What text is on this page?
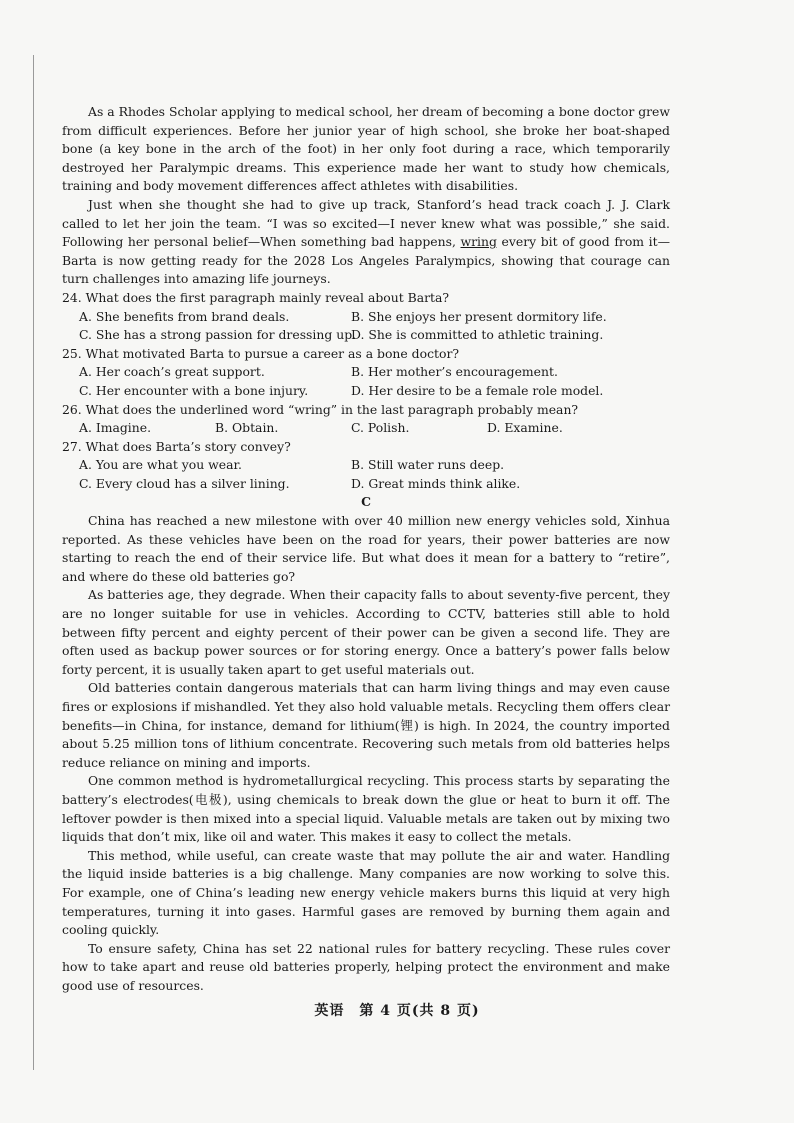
As a Rhodes Scholar applying to medical school, her dream of becoming a bone doctor grew from difficult experiences. Before her junior year of high school, she broke her boat-shaped bone (a key bone in the arch of the foot) in her only foot during a race, which temporarily destroyed her Paralympic dreams. This experience made her want to study how chemicals, training and body movement differences affect athletes with disabilities.

Just when she thought she had to give up track, Stanford’s head track coach J. J. Clark called to let her join the team. “I was so excited—I never knew what was possible,” she said. Following her personal belief—When something bad happens, wring every bit of good from it—Barta is now getting ready for the 2028 Los Angeles Paralympics, showing that courage can turn challenges into amazing life journeys.

24. What does the first paragraph mainly reveal about Barta?

A. She benefits from brand deals.	B. She enjoys her present dormitory life.
C. She has a strong passion for dressing up.
D. She is committed to athletic training.

25. What motivated Barta to pursue a career as a bone doctor?

A. Her coach’s great support.	B. Her mother’s encouragement.
C. Her encounter with a bone injury.	D. Her desire to be a female role model.

26. What does the underlined word “wring” in the last paragraph probably mean?

A. Imagine.	B. Obtain.	C. Polish.	D. Examine.

27. What does Barta’s story convey?

A. You are what you wear.	B. Still water runs deep.
C. Every cloud has a silver lining.	D. Great minds think alike.

C

China has reached a new milestone with over 40 million new energy vehicles sold, Xinhua reported. As these vehicles have been on the road for years, their power batteries are now starting to reach the end of their service life. But what does it mean for a battery to “retire”, and where do these old batteries go?

As batteries age, they degrade. When their capacity falls to about seventy-five percent, they are no longer suitable for use in vehicles. According to CCTV, batteries still able to hold between fifty percent and eighty percent of their power can be given a second life. They are often used as backup power sources or for storing energy. Once a battery’s power falls below forty percent, it is usually taken apart to get useful materials out.

Old batteries contain dangerous materials that can harm living things and may even cause fires or explosions if mishandled. Yet they also hold valuable metals. Recycling them offers clear benefits—in China, for instance, demand for lithium(锂) is high. In 2024, the country imported about 5.25 million tons of lithium concentrate. Recovering such metals from old batteries helps reduce reliance on mining and imports.

One common method is hydrometallurgical recycling. This process starts by separating the battery’s electrodes(电极), using chemicals to break down the glue or heat to burn it off. The leftover powder is then mixed into a special liquid. Valuable metals are taken out by mixing two liquids that don’t mix, like oil and water. This makes it easy to collect the metals.

This method, while useful, can create waste that may pollute the air and water. Handling the liquid inside batteries is a big challenge. Many companies are now working to solve this. For example, one of China’s leading new energy vehicle makers burns this liquid at very high temperatures, turning it into gases. Harmful gases are removed by burning them again and cooling quickly.

To ensure safety, China has set 22 national rules for battery recycling. These rules cover how to take apart and reuse old batteries properly, helping protect the environment and make good use of resources.

英语　第 4 页(共 8 页)
